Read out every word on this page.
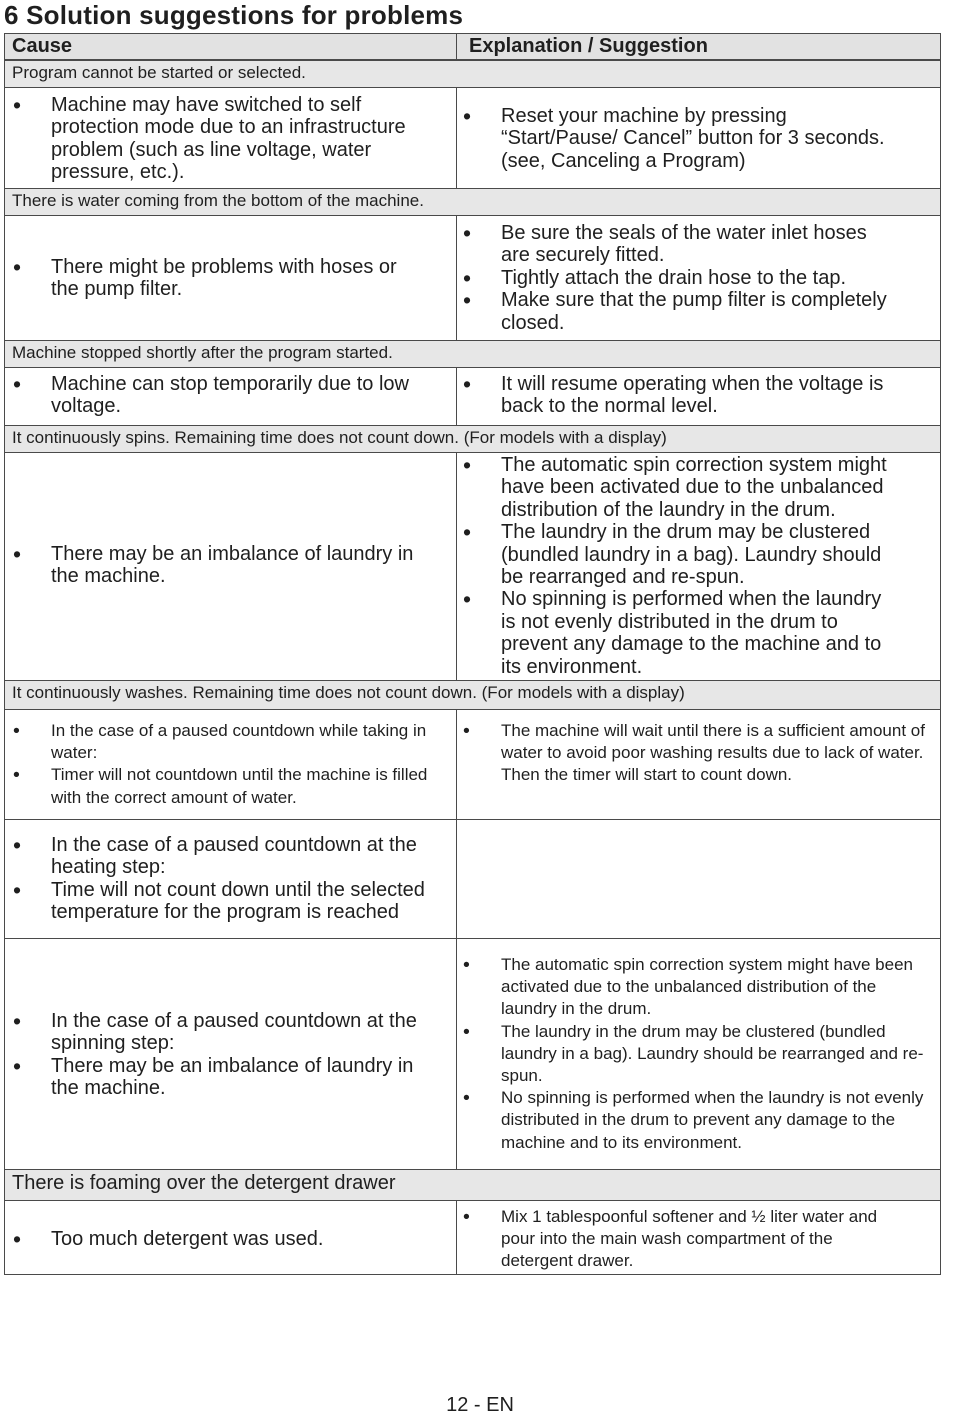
6 Solution suggestions for problems
Cause	Explanation / Suggestion
Program cannot be started or selected.
• Machine may have switched to self protection mode due to an infrastructure problem (such as line voltage, water pressure, etc.).
• Reset your machine by pressing “Start/Pause/ Cancel” button for 3 seconds. (see, Canceling a Program)
There is water coming from the bottom of the machine.
• There might be problems with hoses or the pump filter.
• Be sure the seals of the water inlet hoses are securely fitted.
• Tightly attach the drain hose to the tap.
• Make sure that the pump filter is completely closed.
Machine stopped shortly after the program started.
• Machine can stop temporarily due to low voltage.
• It will resume operating when the voltage is back to the normal level.
It continuously spins. Remaining time does not count down. (For models with a display)
• There may be an imbalance of laundry in the machine.
• The automatic spin correction system might have been activated due to the unbalanced distribution of the laundry in the drum.
• The laundry in the drum may be clustered (bundled laundry in a bag). Laundry should be rearranged and re-spun.
• No spinning is performed when the laundry is not evenly distributed in the drum to prevent any damage to the machine and to its environment.
It continuously washes. Remaining time does not count down. (For models with a display)
• In the case of a paused countdown while taking in water:
• Timer will not countdown until the machine is filled with the correct amount of water.
• The machine will wait until there is a sufficient amount of water to avoid poor washing results due to lack of water. Then the timer will start to count down.
• In the case of a paused countdown at the heating step:
• Time will not count down until the selected temperature for the program is reached
• In the case of a paused countdown at the spinning step:
• There may be an imbalance of laundry in the machine.
• The automatic spin correction system might have been activated due to the unbalanced distribution of the laundry in the drum.
• The laundry in the drum may be clustered (bundled laundry in a bag). Laundry should be rearranged and re-spun.
• No spinning is performed when the laundry is not evenly distributed in the drum to prevent any damage to the machine and to its environment.
There is foaming over the detergent drawer
• Too much detergent was used.
• Mix 1 tablespoonful softener and ½ liter water and pour into the main wash compartment of the detergent drawer.
12 - EN
